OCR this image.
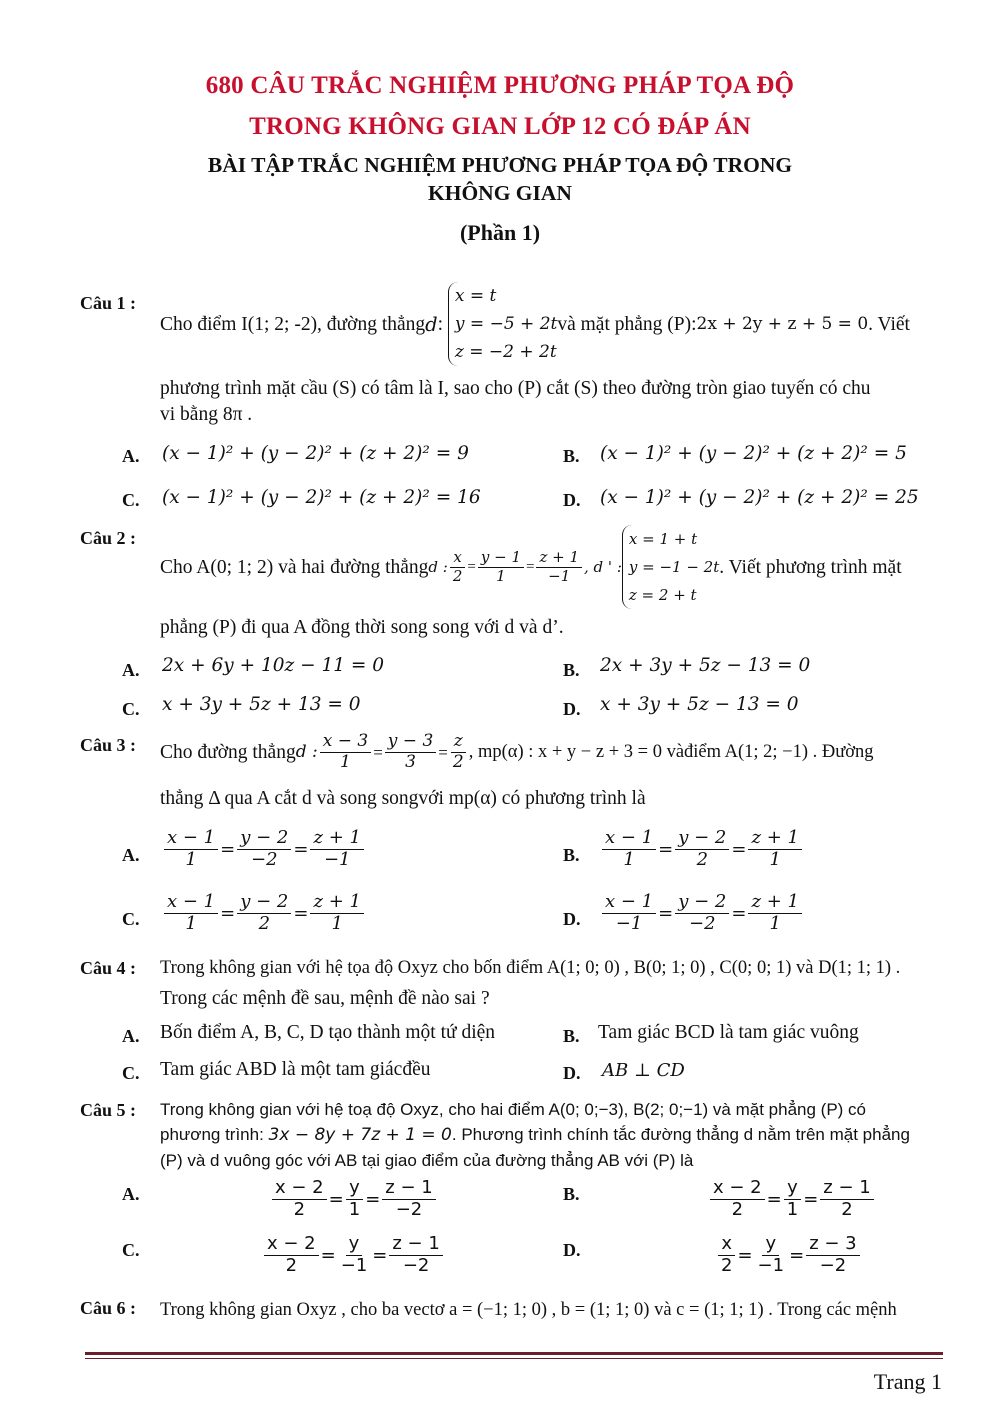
680 CÂU TRẮC NGHIỆM PHƯƠNG PHÁP TỌA ĐỘ
TRONG KHÔNG GIAN LỚP 12 CÓ ĐÁP ÁN
BÀI TẬP TRẮC NGHIỆM PHƯƠNG PHÁP TỌA ĐỘ TRONG
KHÔNG GIAN
(Phần 1)
Câu 1 :
Cho điểm I(1; 2; -2), đường thẳng d :
x = t
y = −5 + 2t
z = −2 + 2t
và mặt phẳng (P): 2x + 2y + z + 5 = 0 . Viết
phương trình mặt cầu (S) có tâm là I, sao cho (P) cắt (S) theo đường tròn giao tuyến có chu
vi bằng 8π .
A. (x − 1)² + (y − 2)² + (z + 2)² = 9	B. (x − 1)² + (y − 2)² + (z + 2)² = 5
C. (x − 1)² + (y − 2)² + (z + 2)² = 16	D. (x − 1)² + (y − 2)² + (z + 2)² = 25
Câu 2 :
Cho A(0; 1; 2) và hai đường thẳng d : $\frac{x}{2} = \frac{y - 1}{1} = \frac{z + 1}{-1}$ , d ' :
x = 1 + t
y = −1 − 2t
z = 2 + t
. Viết phương trình mặt
phẳng (P) đi qua A đồng thời song song với d và d’.
A. 2x + 6y + 10z − 11 = 0	B. 2x + 3y + 5z − 13 = 0
C. x + 3y + 5z + 13 = 0	D. x + 3y + 5z − 13 = 0
Câu 3 : Cho đường thẳng d : $\frac{x - 3}{1} = \frac{y - 3}{3} = \frac{z}{2}$ , mp(α) : x + y − z + 3 = 0 vàđiểm A(1; 2; −1) . Đường
thẳng Δ qua A cắt d và song songvới mp(α) có phương trình là
A. $\frac{x - 1}{1} = \frac{y - 2}{-2} = \frac{z + 1}{-1}$	B. $\frac{x - 1}{1} = \frac{y - 2}{2} = \frac{z + 1}{1}$
C. $\frac{x - 1}{1} = \frac{y - 2}{2} = \frac{z + 1}{1}$	D. $\frac{x - 1}{-1} = \frac{y - 2}{-2} = \frac{z + 1}{1}$
Câu 4 : Trong không gian với hệ tọa độ Oxyz cho bốn điểm A(1; 0; 0) , B(0; 1; 0) , C(0; 0; 1) và D(1; 1; 1) .
Trong các mệnh đề sau, mệnh đề nào sai ?
A. Bốn điểm A, B, C, D tạo thành một tứ diện	B. Tam giác BCD là tam giác vuông
C. Tam giác ABD là một tam giácđều	D. AB ⊥ CD
Câu 5 : Trong không gian với hệ toạ độ Oxyz, cho hai điểm A(0; 0;−3), B(2; 0;−1) và mặt phẳng (P) có
phương trình: 3x − 8y + 7z + 1 = 0. Phương trình chính tắc đường thẳng d nằm trên mặt phẳng
(P) và d vuông góc với AB tại giao điểm của đường thẳng AB với (P) là
A.	$\frac{x - 2}{2} = \frac{y}{1} = \frac{z - 1}{-2}$	B.	$\frac{x - 2}{2} = \frac{y}{1} = \frac{z - 1}{2}$
C.	$\frac{x - 2}{2} = \frac{y}{-1} = \frac{z - 1}{-2}$	D.	$\frac{x}{2} = \frac{y}{-1} = \frac{z - 3}{-2}$
Câu 6 : Trong không gian Oxyz , cho ba vectơ a = (−1; 1; 0) , b = (1; 1; 0) và c = (1; 1; 1) . Trong các mệnh
Trang 1
